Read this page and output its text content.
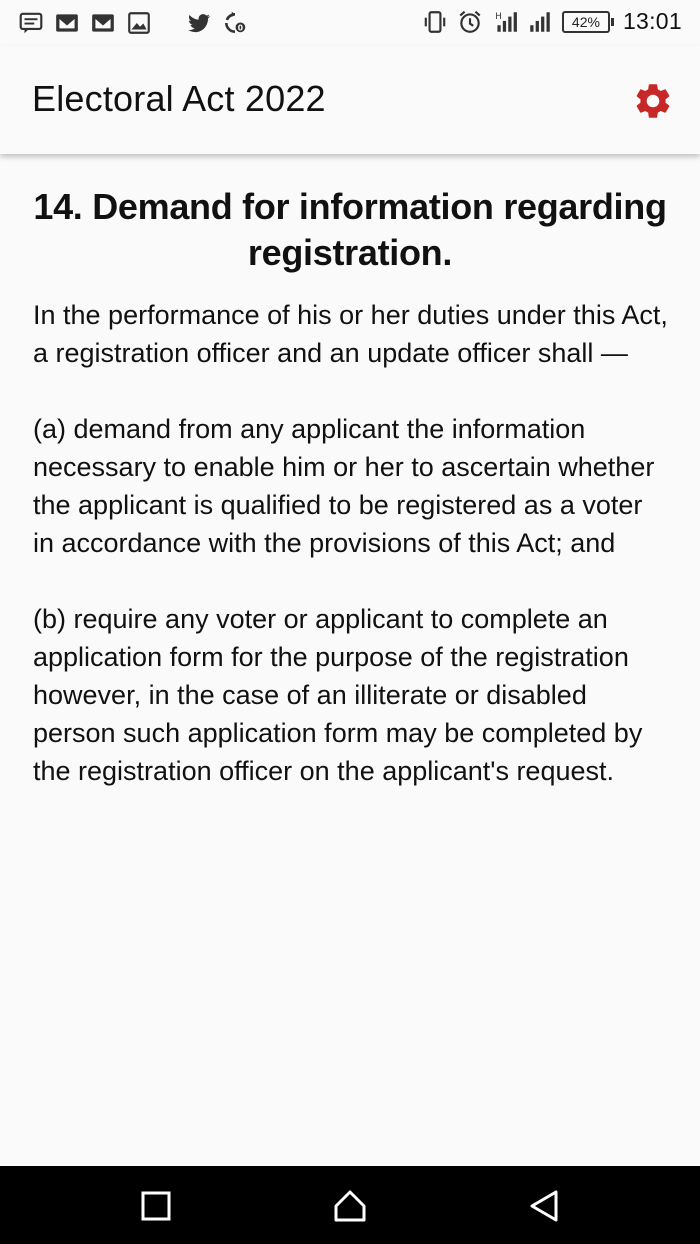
0
H	42% 13:01
Electoral Act 2022
14. Demand for information regarding registration.

In the performance of his or her duties under this Act, a registration officer and an update officer shall —

(a) demand from any applicant the information necessary to enable him or her to ascertain whether the applicant is qualified to be registered as a voter in accordance with the provisions of this Act; and

(b) require any voter or applicant to complete an application form for the purpose of the registration however, in the case of an illiterate or disabled person such application form may be completed by the registration officer on the applicant's request.
